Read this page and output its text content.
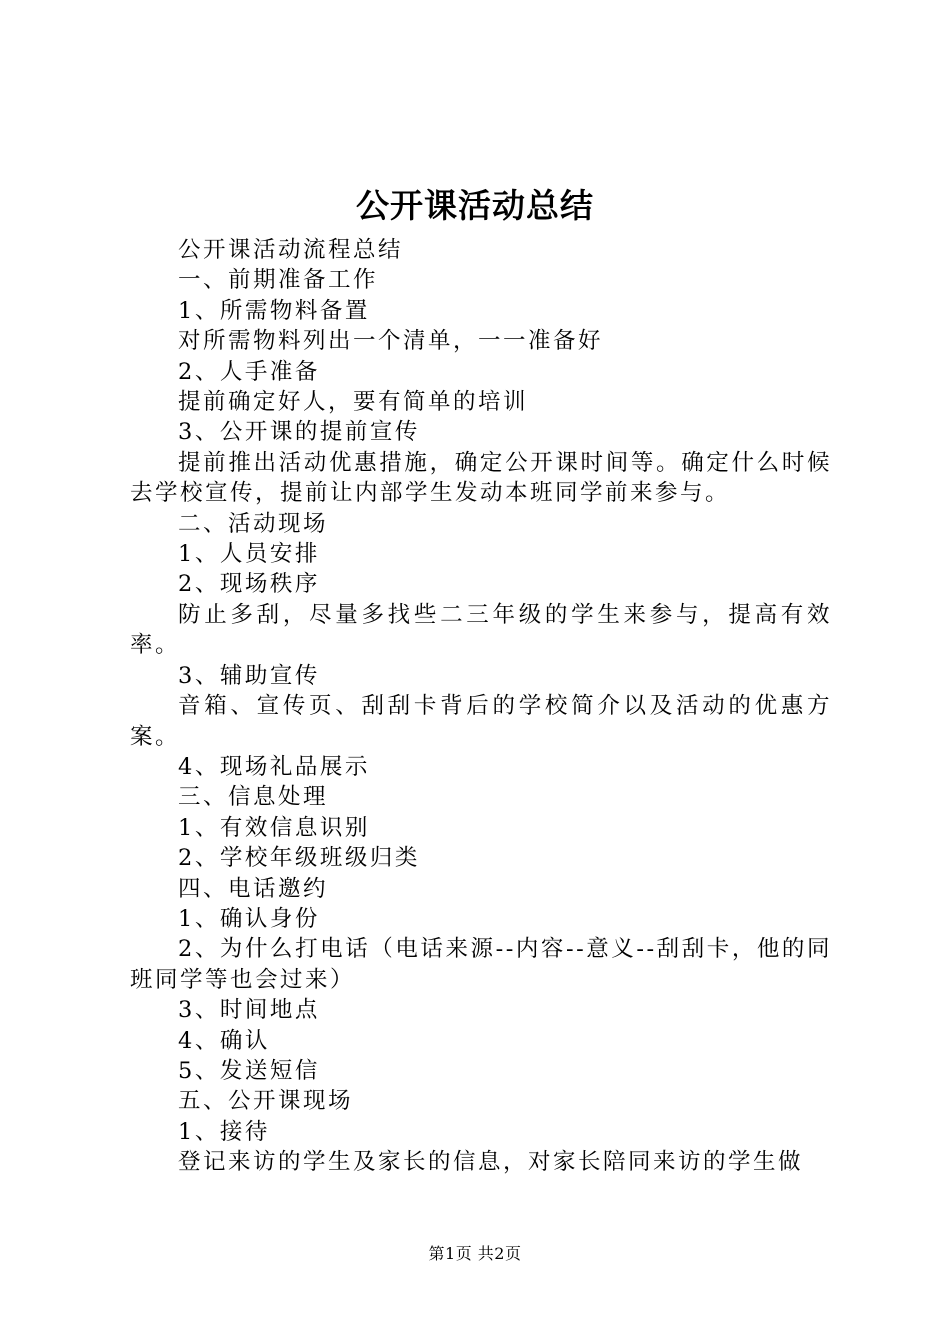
公开课活动总结

公开课活动流程总结

一、前期准备工作

1、所需物料备置

对所需物料列出一个清单，一一准备好

2、人手准备

提前确定好人，要有简单的培训

3、公开课的提前宣传

提前推出活动优惠措施，确定公开课时间等。确定什么时候去学校宣传，提前让内部学生发动本班同学前来参与。

二、活动现场

1、人员安排

2、现场秩序

防止多刮，尽量多找些二三年级的学生来参与，提高有效率。

3、辅助宣传

音箱、宣传页、刮刮卡背后的学校简介以及活动的优惠方案。

4、现场礼品展示

三、信息处理

1、有效信息识别

2、学校年级班级归类

四、电话邀约

1、确认身份

2、为什么打电话（电话来源--内容--意义--刮刮卡，他的同班同学等也会过来）

3、时间地点

4、确认

5、发送短信

五、公开课现场

1、接待

登记来访的学生及家长的信息，对家长陪同来访的学生做

第1页 共2页
